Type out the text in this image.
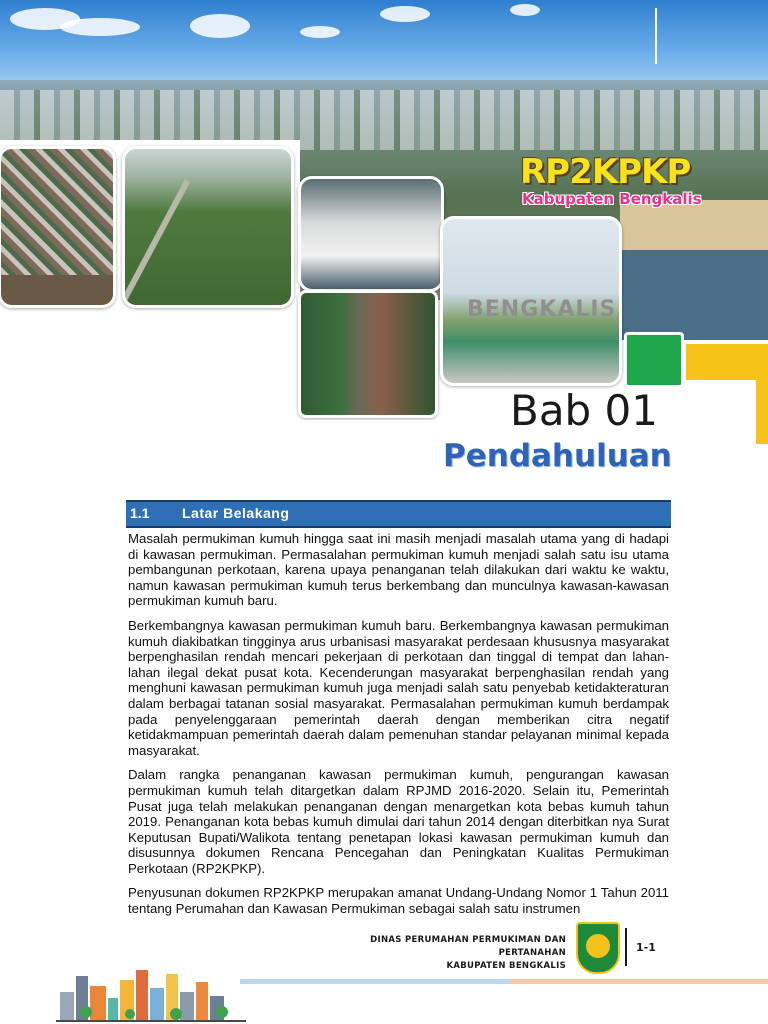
BENGKALIS
RP2KPKP
Kabupaten Bengkalis
Bab 01
Pendahuluan
1.1 Latar Belakang

Masalah permukiman kumuh hingga saat ini masih menjadi masalah utama yang di hadapi di kawasan permukiman. Permasalahan permukiman kumuh menjadi salah satu isu utama pembangunan perkotaan, karena upaya penanganan telah dilakukan dari waktu ke waktu, namun kawasan permukiman kumuh terus berkembang dan munculnya kawasan-kawasan permukiman kumuh baru.

Berkembangnya kawasan permukiman kumuh baru. Berkembangnya kawasan permukiman kumuh diakibatkan tingginya arus urbanisasi masyarakat perdesaan khususnya masyarakat berpenghasilan rendah mencari pekerjaan di perkotaan dan tinggal di tempat dan lahan-lahan ilegal dekat pusat kota. Kecenderungan masyarakat berpenghasilan rendah yang menghuni kawasan permukiman kumuh juga menjadi salah satu penyebab ketidakteraturan dalam berbagai tatanan sosial masyarakat. Permasalahan permukiman kumuh berdampak pada penyelenggaraan pemerintah daerah dengan memberikan citra negatif ketidakmampuan pemerintah daerah dalam pemenuhan standar pelayanan minimal kepada masyarakat.

Dalam rangka penanganan kawasan permukiman kumuh, pengurangan kawasan permukiman kumuh telah ditargetkan dalam RPJMD 2016-2020. Selain itu, Pemerintah Pusat juga telah melakukan penanganan dengan menargetkan kota bebas kumuh tahun 2019. Penanganan kota bebas kumuh dimulai dari tahun 2014 dengan diterbitkan nya Surat Keputusan Bupati/Walikota tentang penetapan lokasi kawasan permukiman kumuh dan disusunnya dokumen Rencana Pencegahan dan Peningkatan Kualitas Permukiman Perkotaan (RP2KPKP).

Penyusunan dokumen RP2KPKP merupakan amanat Undang-Undang Nomor 1 Tahun 2011 tentang Perumahan dan Kawasan Permukiman sebagai salah satu instrumen

DINAS PERUMAHAN PERMUKIMAN DAN PERTANAHAN
KABUPATEN BENGKALIS
1-1
